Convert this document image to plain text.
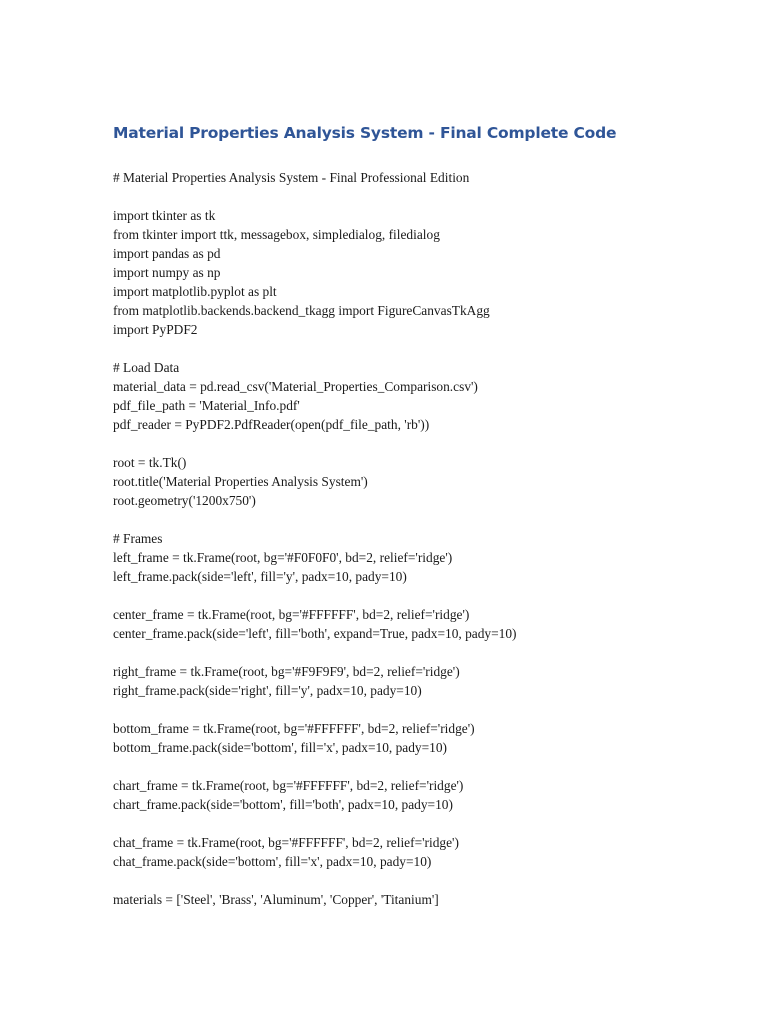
Material Properties Analysis System - Final Complete Code
# Material Properties Analysis System - Final Professional Edition
import tkinter as tk
from tkinter import ttk, messagebox, simpledialog, filedialog
import pandas as pd
import numpy as np
import matplotlib.pyplot as plt
from matplotlib.backends.backend_tkagg import FigureCanvasTkAgg
import PyPDF2
# Load Data
material_data = pd.read_csv('Material_Properties_Comparison.csv')
pdf_file_path = 'Material_Info.pdf'
pdf_reader = PyPDF2.PdfReader(open(pdf_file_path, 'rb'))
root = tk.Tk()
root.title('Material Properties Analysis System')
root.geometry('1200x750')
# Frames
left_frame = tk.Frame(root, bg='#F0F0F0', bd=2, relief='ridge')
left_frame.pack(side='left', fill='y', padx=10, pady=10)
center_frame = tk.Frame(root, bg='#FFFFFF', bd=2, relief='ridge')
center_frame.pack(side='left', fill='both', expand=True, padx=10, pady=10)
right_frame = tk.Frame(root, bg='#F9F9F9', bd=2, relief='ridge')
right_frame.pack(side='right', fill='y', padx=10, pady=10)
bottom_frame = tk.Frame(root, bg='#FFFFFF', bd=2, relief='ridge')
bottom_frame.pack(side='bottom', fill='x', padx=10, pady=10)
chart_frame = tk.Frame(root, bg='#FFFFFF', bd=2, relief='ridge')
chart_frame.pack(side='bottom', fill='both', padx=10, pady=10)
chat_frame = tk.Frame(root, bg='#FFFFFF', bd=2, relief='ridge')
chat_frame.pack(side='bottom', fill='x', padx=10, pady=10)
materials = ['Steel', 'Brass', 'Aluminum', 'Copper', 'Titanium']
